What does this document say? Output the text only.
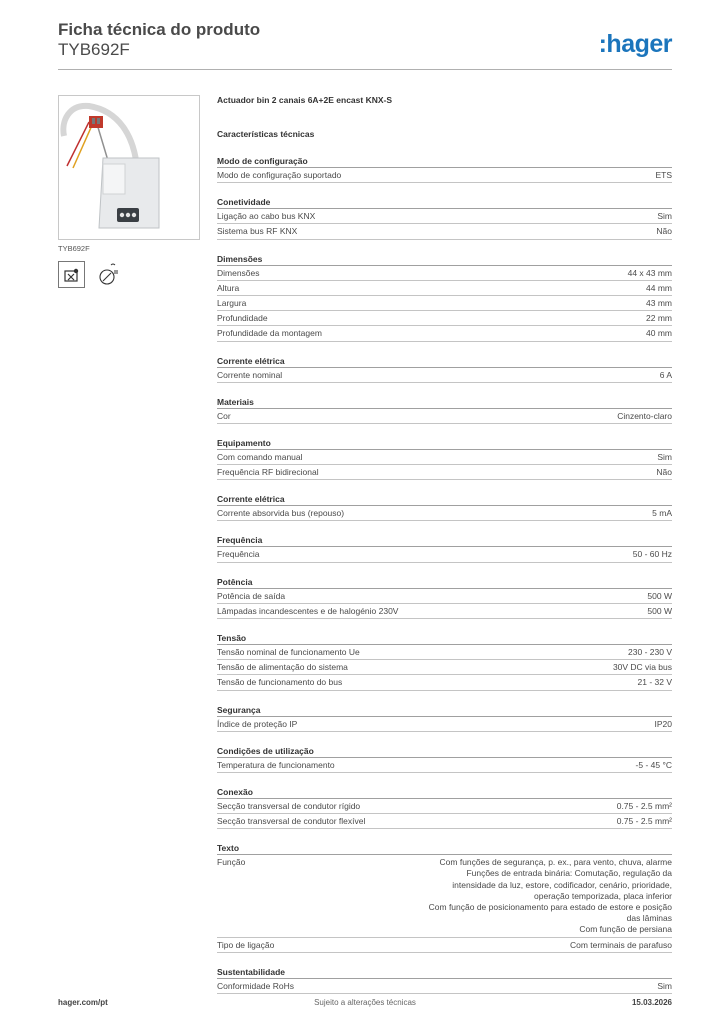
Ficha técnica do produto
TYB692F	:hager
TYB692F
Actuador bin 2 canais 6A+2E encast KNX-S
Características técnicas
Modo de configuração
Modo de configuração suportado	ETS
Conetividade
Ligação ao cabo bus KNX	Sim
Sistema bus RF KNX	Não
Dimensões
Dimensões	44 x 43 mm
Altura	44 mm
Largura	43 mm
Profundidade	22 mm
Profundidade da montagem	40 mm
Corrente elétrica
Corrente nominal	6 A
Materiais
Cor	Cinzento-claro
Equipamento
Com comando manual	Sim
Frequência RF bidirecional	Não
Corrente elétrica
Corrente absorvida bus (repouso)	5 mA
Frequência
Frequência	50 - 60 Hz
Potência
Potência de saída	500 W
Lâmpadas incandescentes e de halogénio 230V	500 W
Tensão
Tensão nominal de funcionamento Ue	230 - 230 V
Tensão de alimentação do sistema	30V DC via bus
Tensão de funcionamento do bus	21 - 32 V
Segurança
Índice de proteção IP	IP20
Condições de utilização
Temperatura de funcionamento	-5 - 45 °C
Conexão
Secção transversal de condutor rígido	0.75 - 2.5 mm²
Secção transversal de condutor flexível	0.75 - 2.5 mm²
Texto
Função	Com funções de segurança, p. ex., para vento, chuva, alarme
Funções de entrada binária: Comutação, regulação da intensidade da luz, estore, codificador, cenário, prioridade, operação temporizada, placa inferior
Com função de posicionamento para estado de estore e posição das lâminas
Com função de persiana
Tipo de ligação	Com terminais de parafuso
Sustentabilidade
Conformidade RoHs	Sim
hager.com/pt	Sujeito a alterações técnicas	15.03.2026
